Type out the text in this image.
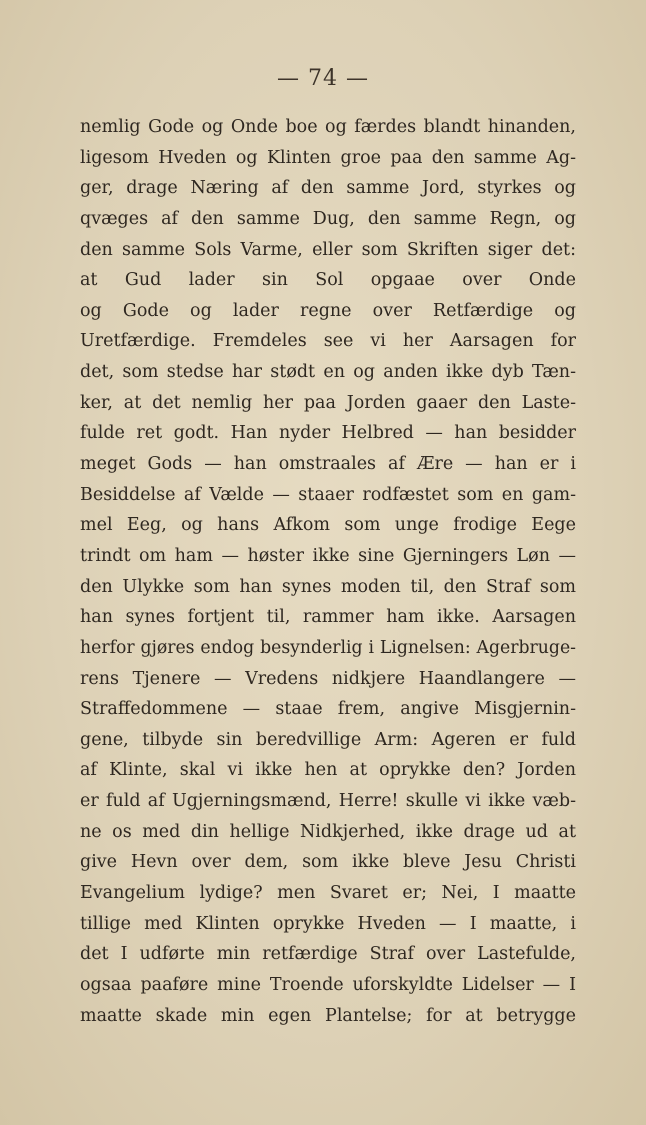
— 74 —
nemlig Gode og Onde boe og færdes blandt hinanden,
ligesom Hveden og Klinten groe paa den samme Ag-
ger, drage Næring af den samme Jord, styrkes og
qvæges af den samme Dug, den samme Regn, og
den samme Sols Varme, eller som Skriften siger det:
at Gud lader sin Sol opgaae over Onde
og Gode og lader regne over Retfærdige og
Uretfærdige. Fremdeles see vi her Aarsagen for
det, som stedse har stødt en og anden ikke dyb Tæn-
ker, at det nemlig her paa Jorden gaaer den Laste-
fulde ret godt. Han nyder Helbred — han besidder
meget Gods — han omstraales af Ære — han er i
Besiddelse af Vælde — staaer rodfæstet som en gam-
mel Eeg, og hans Afkom som unge frodige Eege
trindt om ham — høster ikke sine Gjerningers Løn —
den Ulykke som han synes moden til, den Straf som
han synes fortjent til, rammer ham ikke. Aarsagen
herfor gjøres endog besynderlig i Lignelsen: Agerbruge-
rens Tjenere — Vredens nidkjere Haandlangere —
Straffedommene — staae frem, angive Misgjernin-
gene, tilbyde sin beredvillige Arm: Ageren er fuld
af Klinte, skal vi ikke hen at oprykke den? Jorden
er fuld af Ugjerningsmænd, Herre! skulle vi ikke væb-
ne os med din hellige Nidkjerhed, ikke drage ud at
give Hevn over dem, som ikke bleve Jesu Christi
Evangelium lydige? men Svaret er; Nei, I maatte
tillige med Klinten oprykke Hveden — I maatte, i
det I udførte min retfærdige Straf over Lastefulde,
ogsaa paaføre mine Troende uforskyldte Lidelser — I
maatte skade min egen Plantelse; for at betrygge
